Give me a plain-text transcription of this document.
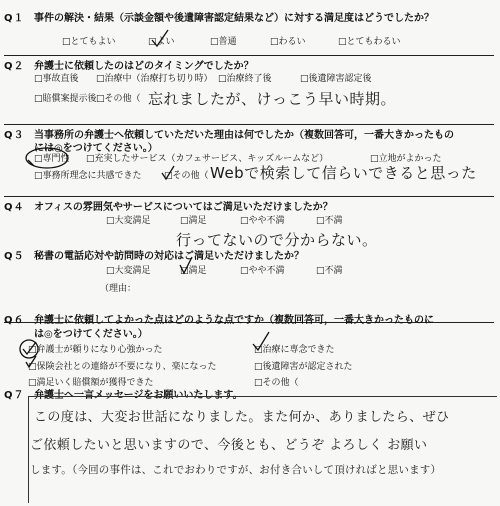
Q１ 事件の解決・結果（示談金額や後遺障害認定結果など）に対する満足度はどうでしたか？
□とてもよい	□よい	□普通	□わるい	□とてもわるい
Q２ 弁護士に依頼したのはどのタイミングでしたか？
□事故直後 □治療中（治療打ち切り時） □治療終了後	□後遺障害認定後
□賠償案提示後 □その他（ 忘れましたが、けっこう早い時期。
Q３ 当事務所の弁護士へ依頼していただいた理由は何でしたか（複数回答可，一番大きかったもの
には◎をつけてください。）
□専門性 □充実したサービス（カフェサービス、キッズルームなど）	□立地がよかった
□事務所理念に共感できた □その他（ Webで検索して信らいできると思った
Q４ オフィスの雰囲気やサービスについてはご満足いただけましたか？
□大変満足	□満足	□やや不満	□不満
行ってないので分からない。
Q５ 秘書の電話応対や訪問時の対応はご満足いただけましたか？
□大変満足	□満足	□やや不満	□不満
（理由：
Q６ 弁護士に依頼してよかった点はどのような点ですか（複数回答可，一番大きかったものに
は◎をつけてください。）
□弁護士が頼りになり心強かった	□治療に専念できた
□保険会社との連絡が不要になり、楽になった	□後遺障害が認定された
□満足いく賠償額が獲得できた	□その他（
Q７ 弁護士へ一言メッセージをお願いいたします。
この度は、大変お世話になりました。また何か、ありましたら、ぜひ
ご依頼したいと思いますので、今後とも、どうぞ よろしく お願い
します。（今回の事件は、これでおわりですが、お付き合いして頂ければと思います）
